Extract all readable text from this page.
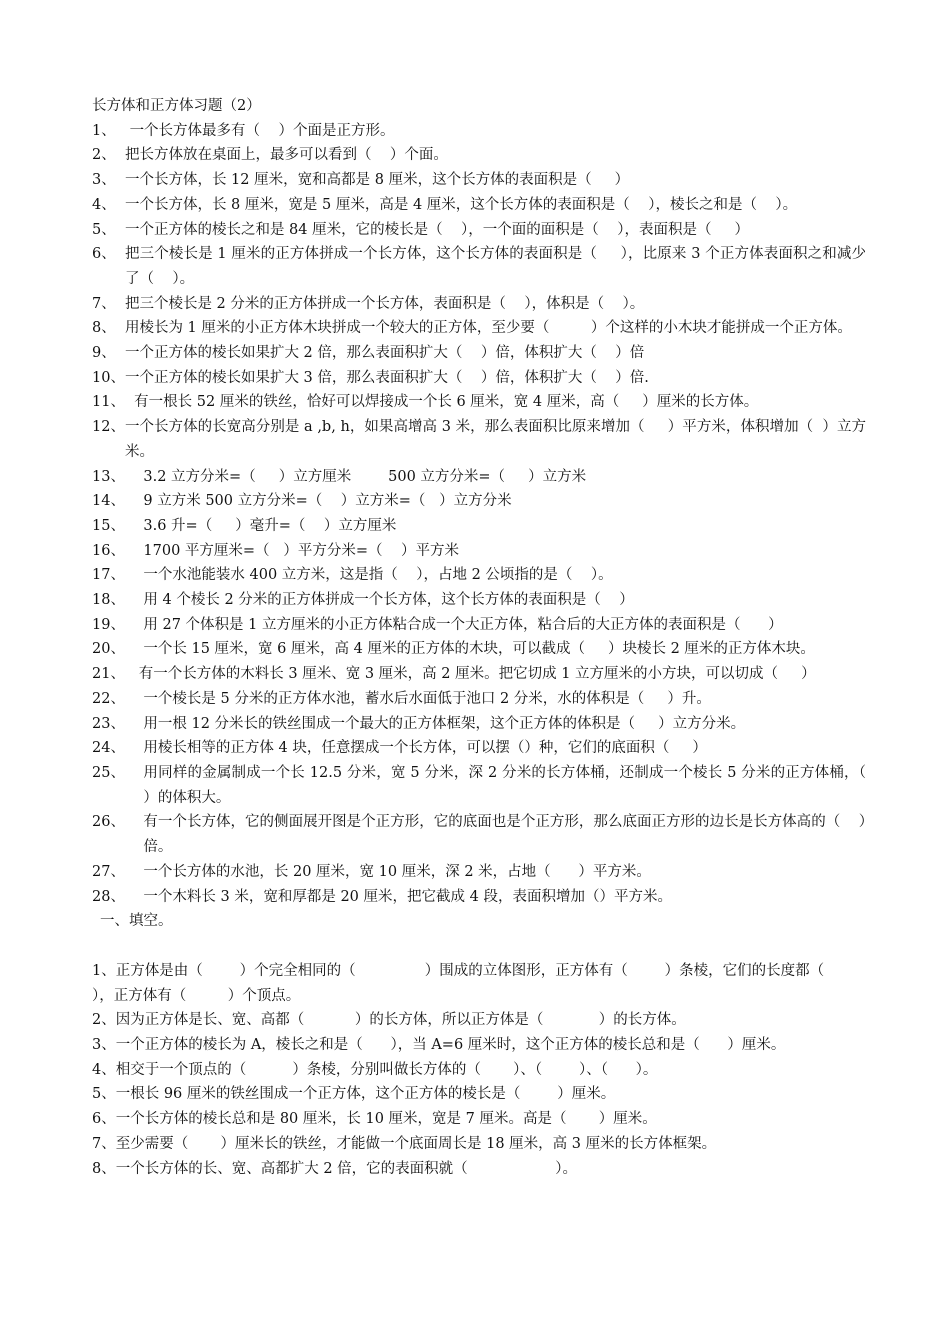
长方体和正方体习题（2）
1、 一个长方体最多有（    ）个面是正方形。
2、 把长方体放在桌面上，最多可以看到（    ）个面。
3、 一个长方体，长 12 厘米，宽和高都是 8 厘米，这个长方体的表面积是（     ）
4、 一个长方体，长 8 厘米，宽是 5 厘米，高是 4 厘米，这个长方体的表面积是（    ），棱长之和是（    ）。
5、 一个正方体的棱长之和是 84 厘米，它的棱长是（    ），一个面的面积是（    ），表面积是（     ）
6、 把三个棱长是 1 厘米的正方体拼成一个长方体，这个长方体的表面积是（     ），比原来 3 个正方体表面积之和减少了（    ）。
7、 把三个棱长是 2 分米的正方体拼成一个长方体，表面积是（    ），体积是（    ）。
8、 用棱长为 1 厘米的小正方体木块拼成一个较大的正方体，至少要（         ）个这样的小木块才能拼成一个正方体。
9、 一个正方体的棱长如果扩大 2 倍，那么表面积扩大（    ）倍，体积扩大（    ）倍
10、 一个正方体的棱长如果扩大 3 倍，那么表面积扩大（    ）倍，体积扩大（    ）倍.
11、 有一根长 52 厘米的铁丝，恰好可以焊接成一个长 6 厘米，宽 4 厘米，高（     ）厘米的长方体。
12、 一个长方体的长宽高分别是 a ,b, h，如果高增高 3 米，那么表面积比原来增加（     ）平方米，体积增加（  ）立方米。
13、 3.2 立方分米=（     ）立方厘米        500 立方分米=（     ）立方米
14、 9 立方米 500 立方分米=（    ）立方米=（   ）立方分米
15、 3.6 升=（     ）毫升=（    ）立方厘米
16、 1700 平方厘米=（   ）平方分米=（    ）平方米
17、 一个水池能装水 400 立方米，这是指（    ），占地 2 公顷指的是（    ）。
18、 用 4 个棱长 2 分米的正方体拼成一个长方体，这个长方体的表面积是（    ）
19、 用 27 个体积是 1 立方厘米的小正方体粘合成一个大正方体，粘合后的大正方体的表面积是（      ）
20、 一个长 15 厘米，宽 6 厘米，高 4 厘米的正方体的木块，可以截成（     ）块棱长 2 厘米的正方体木块。
21、 有一个长方体的木料长 3 厘米、宽 3 厘米，高 2 厘米。把它切成 1 立方厘米的小方块，可以切成（     ）
22、 一个棱长是 5 分米的正方体水池，蓄水后水面低于池口 2 分米，水的体积是（     ）升。
23、 用一根 12 分米长的铁丝围成一个最大的正方体框架，这个正方体的体积是（     ）立方分米。
24、 用棱长相等的正方体 4 块，任意摆成一个长方体，可以摆（）种，它们的底面积（     ）
25、 用同样的金属制成一个长 12.5 分米，宽 5 分米，深 2 分米的长方体桶，还制成一个棱长 5 分米的正方体桶，（    ）的体积大。
26、 有一个长方体，它的侧面展开图是个正方形，它的底面也是个正方形，那么底面正方形的边长是长方体高的（    ）倍。
27、 一个长方体的水池，长 20 厘米，宽 10 厘米，深 2 米，占地（      ）平方米。
28、 一个木料长 3 米，宽和厚都是 20 厘米，把它截成 4 段，表面积增加（）平方米。
一、填空。
1、正方体是由（        ）个完全相同的（               ）围成的立体图形，正方体有（        ）条棱，它们的长度都（           ），正方体有（         ）个顶点。
2、因为正方体是长、宽、高都（           ）的长方体，所以正方体是（            ）的长方体。
3、一个正方体的棱长为 A，棱长之和是（      ），当 A=6 厘米时，这个正方体的棱长总和是（      ）厘米。
4、相交于一个顶点的（          ）条棱，分别叫做长方体的（       ）、（        ）、（      ）。
5、一根长 96 厘米的铁丝围成一个正方体，这个正方体的棱长是（        ）厘米。
6、一个长方体的棱长总和是 80 厘米，长 10 厘米，宽是 7 厘米。高是（       ）厘米。
7、至少需要（       ）厘米长的铁丝，才能做一个底面周长是 18 厘米，高 3 厘米的长方体框架。
8、一个长方体的长、宽、高都扩大 2 倍，它的表面积就（                   ）。
